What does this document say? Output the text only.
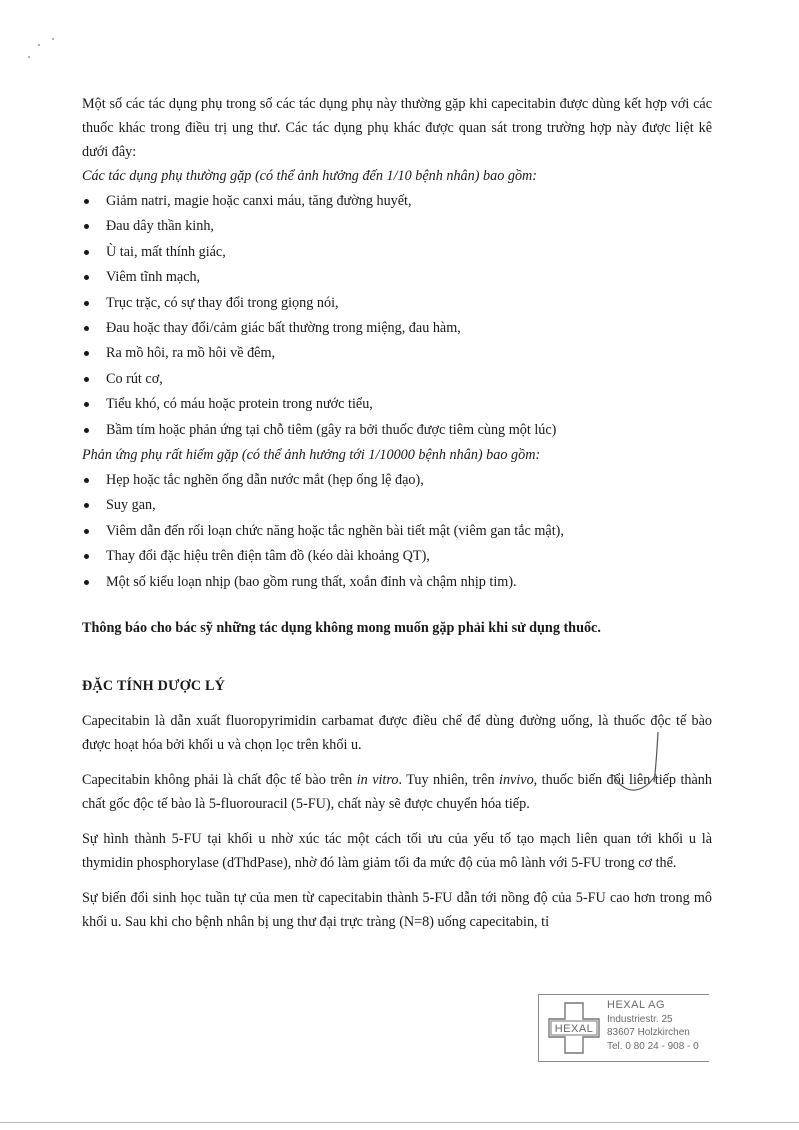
Một số các tác dụng phụ trong số các tác dụng phụ này thường gặp khi capecitabin được dùng kết hợp với các thuốc khác trong điều trị ung thư. Các tác dụng phụ khác được quan sát trong trường hợp này được liệt kê dưới đây:

Các tác dụng phụ thường gặp (có thể ảnh hưởng đến 1/10 bệnh nhân) bao gồm:

Giảm natri, magie hoặc canxi máu, tăng đường huyết,
Đau dây thần kinh,
Ù tai, mất thính giác,
Viêm tĩnh mạch,
Trục trặc, có sự thay đổi trong giọng nói,
Đau hoặc thay đổi/cảm giác bất thường trong miệng, đau hàm,
Ra mồ hôi, ra mồ hôi về đêm,
Co rút cơ,
Tiểu khó, có máu hoặc protein trong nước tiểu,
Bầm tím hoặc phản ứng tại chỗ tiêm (gây ra bởi thuốc được tiêm cùng một lúc)

Phản ứng phụ rất hiếm gặp (có thể ảnh hưởng tới 1/10000 bệnh nhân) bao gồm:

Hẹp hoặc tắc nghẽn ống dẫn nước mắt (hẹp ống lệ đạo),
Suy gan,
Viêm dẫn đến rối loạn chức năng hoặc tắc nghẽn bài tiết mật (viêm gan tắc mật),
Thay đổi đặc hiệu trên điện tâm đồ (kéo dài khoảng QT),
Một số kiểu loạn nhịp (bao gồm rung thất, xoắn đỉnh và chậm nhịp tim).

Thông báo cho bác sỹ những tác dụng không mong muốn gặp phải khi sử dụng thuốc.

ĐẶC TÍNH DƯỢC LÝ

Capecitabin là dẫn xuất fluoropyrimidin carbamat được điều chế để dùng đường uống, là thuốc độc tế bào được hoạt hóa bởi khối u và chọn lọc trên khối u.

Capecitabin không phải là chất độc tế bào trên in vitro. Tuy nhiên, trên invivo, thuốc biến đổi liên tiếp thành chất gốc độc tế bào là 5-fluorouracil (5-FU), chất này sẽ được chuyển hóa tiếp.

Sự hình thành 5-FU tại khối u nhờ xúc tác một cách tối ưu của yếu tố tạo mạch liên quan tới khối u là thymidin phosphorylase (dThdPase), nhờ đó làm giảm tối đa mức độ của mô lành với 5-FU trong cơ thể.

Sự biến đổi sinh học tuần tự của men từ capecitabin thành 5-FU dẫn tới nồng độ của 5-FU cao hơn trong mô khối u. Sau khi cho bệnh nhân bị ung thư đại trực tràng (N=8) uống capecitabin, tỉ

HEXAL
HEXAL AG
Industriestr. 25
83607 Holzkirchen
Tel. 0 80 24 - 908 - 0
